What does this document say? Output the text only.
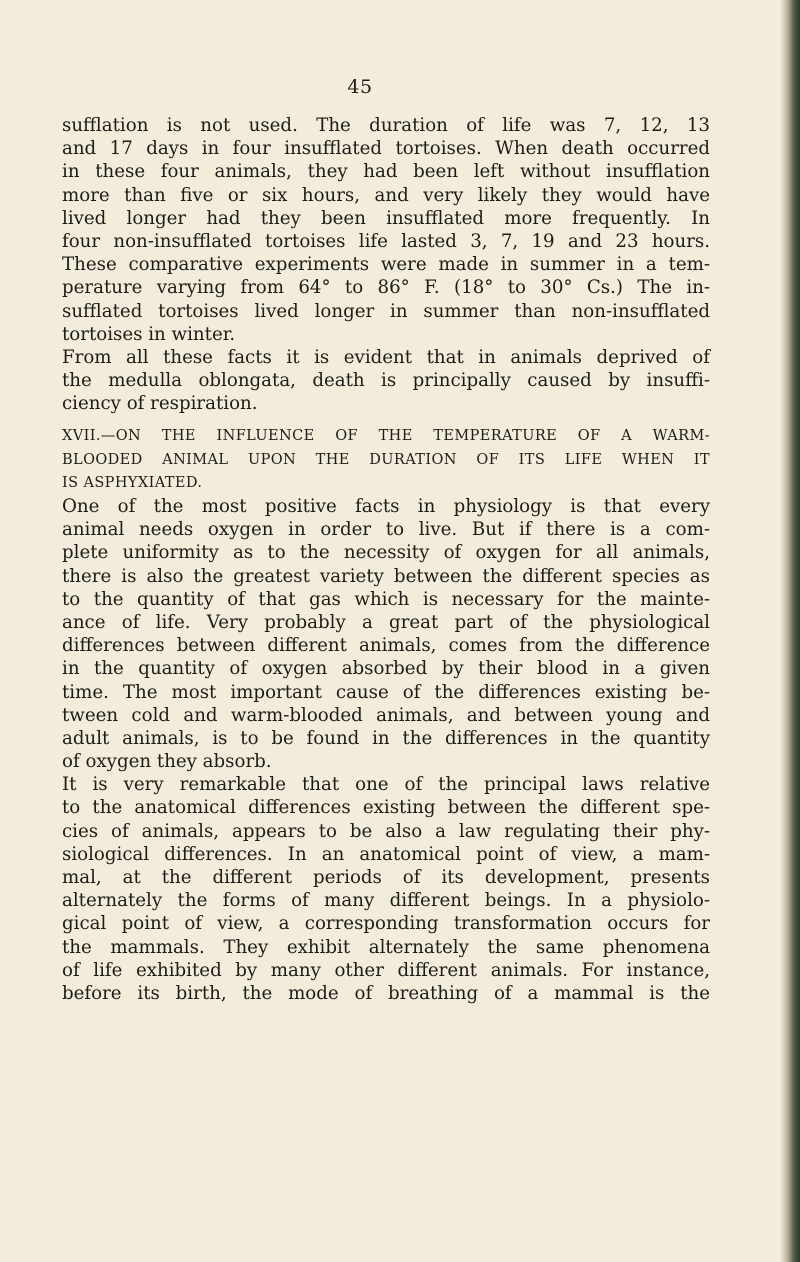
45
sufflation is not used. The duration of life was 7, 12, 13
and 17 days in four insufflated tortoises. When death occurred
in these four animals, they had been left without insufflation
more than five or six hours, and very likely they would have
lived longer had they been insufflated more frequently. In
four non-insufflated tortoises life lasted 3, 7, 19 and 23 hours.
These comparative experiments were made in summer in a tem-
perature varying from 64° to 86° F. (18° to 30° Cs.) The in-
sufflated tortoises lived longer in summer than non-insufflated
tortoises in winter.
From all these facts it is evident that in animals deprived of
the medulla oblongata, death is principally caused by insuffi-
ciency of respiration.
XVII.—ON THE INFLUENCE OF THE TEMPERATURE OF A WARM-
BLOODED ANIMAL UPON THE DURATION OF ITS LIFE WHEN IT
IS ASPHYXIATED.
One of the most positive facts in physiology is that every
animal needs oxygen in order to live. But if there is a com-
plete uniformity as to the necessity of oxygen for all animals,
there is also the greatest variety between the different species as
to the quantity of that gas which is necessary for the mainte-
ance of life. Very probably a great part of the physiological
differences between different animals, comes from the difference
in the quantity of oxygen absorbed by their blood in a given
time. The most important cause of the differences existing be-
tween cold and warm-blooded animals, and between young and
adult animals, is to be found in the differences in the quantity
of oxygen they absorb.
It is very remarkable that one of the principal laws relative
to the anatomical differences existing between the different spe-
cies of animals, appears to be also a law regulating their phy-
siological differences. In an anatomical point of view, a mam-
mal, at the different periods of its development, presents
alternately the forms of many different beings. In a physiolo-
gical point of view, a corresponding transformation occurs for
the mammals. They exhibit alternately the same phenomena
of life exhibited by many other different animals. For instance,
before its birth, the mode of breathing of a mammal is the
